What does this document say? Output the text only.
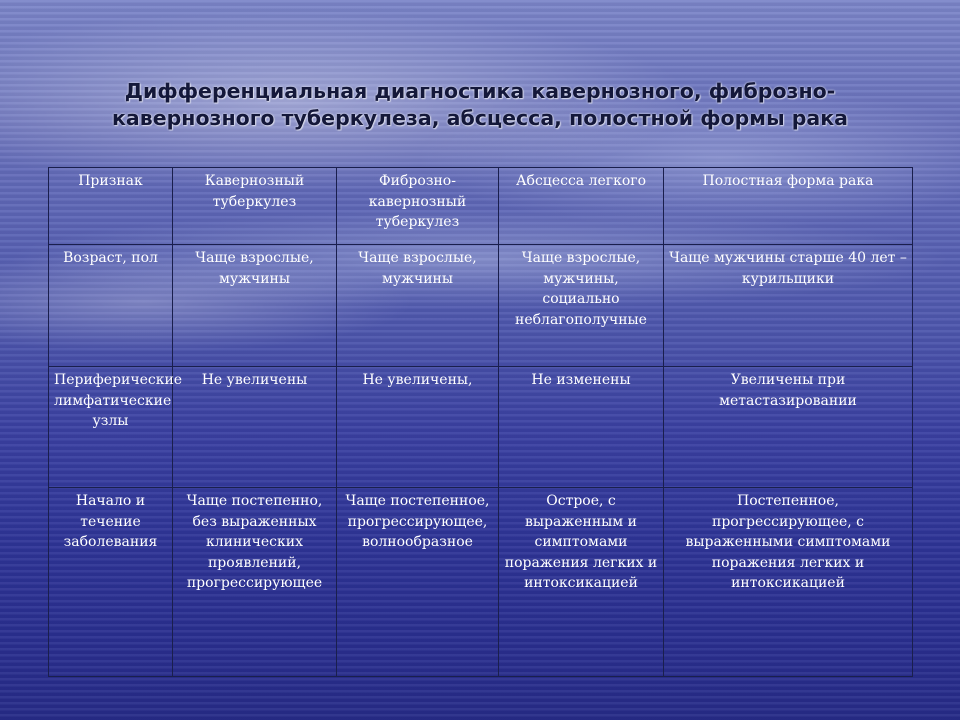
Дифференциальная диагностика кавернозного, фиброзно-кавернозного туберкулеза, абсцесса, полостной формы рака
Признак	Кавернозный туберкулез	Фиброзно-кавернозный туберкулез	Абсцесса легкого	Полостная форма рака

Возраст, пол	Чаще взрослые, мужчины	Чаще взрослые, мужчины	Чаще взрослые, мужчины, социально неблагополучные	Чаще мужчины старше 40 лет – курильщики

Периферические лимфатические узлы	Не увеличены	Не увеличены,	Не изменены	Увеличены при метастазировании

Начало и течение заболевания	Чаще постепенно, без выраженных клинических проявлений, прогрессирующее	Чаще постепенное, прогрессирующее, волнообразное	Острое, с выраженным и симптомами поражения легких и интоксикацией	Постепенное, прогрессирующее, с выраженными симптомами поражения легких и интоксикацией
